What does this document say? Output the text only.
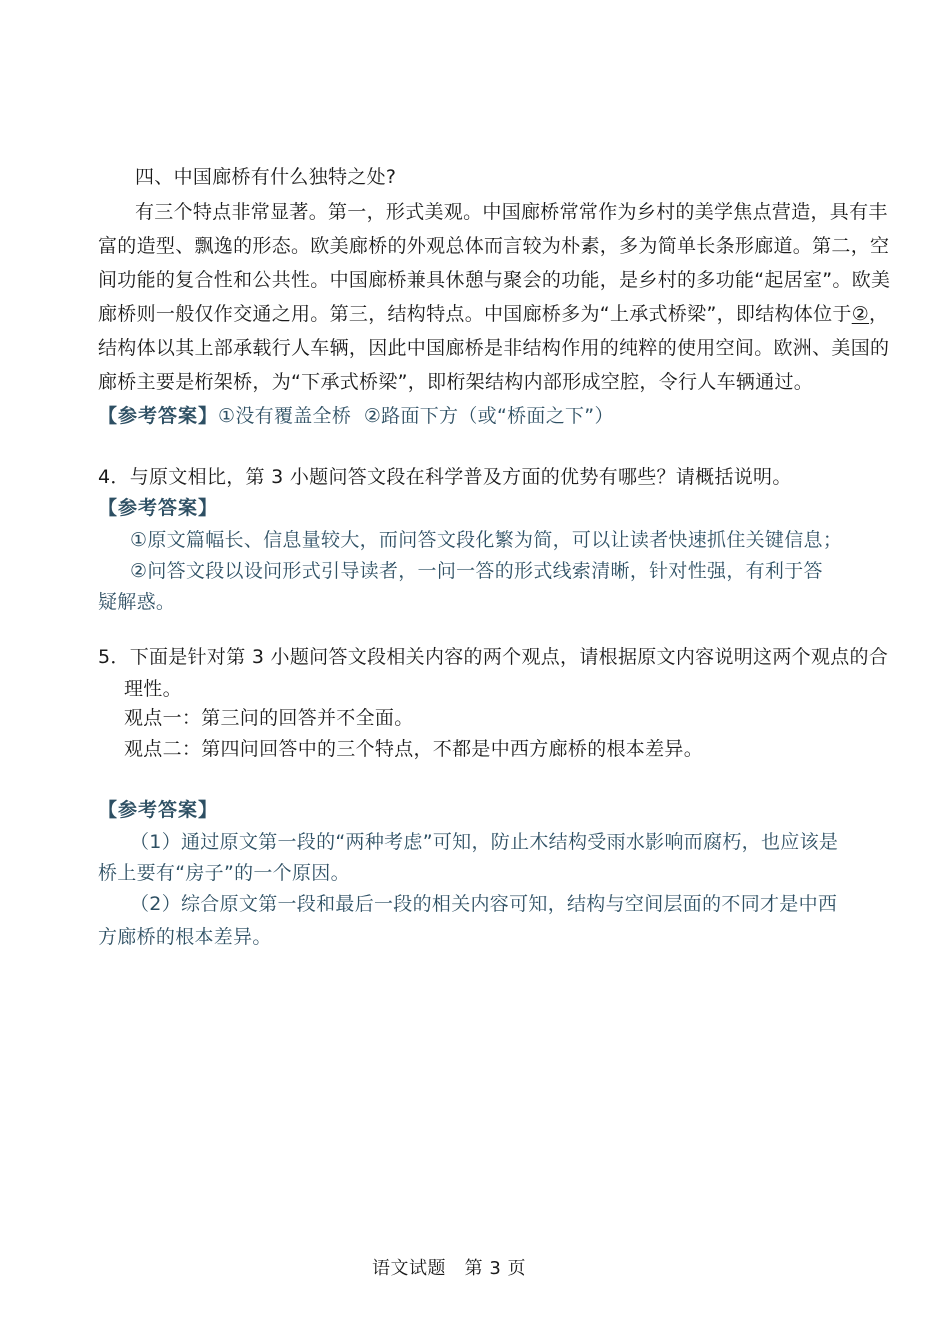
四、中国廊桥有什么独特之处?
有三个特点非常显著。第一，形式美观。中国廊桥常常作为乡村的美学焦点营造，具有丰
富的造型、飘逸的形态。欧美廊桥的外观总体而言较为朴素，多为简单长条形廊道。第二，空
间功能的复合性和公共性。中国廊桥兼具休憩与聚会的功能，是乡村的多功能“起居室”。欧美
廊桥则一般仅作交通之用。第三，结构特点。中国廊桥多为“上承式桥梁”，即结构体位于②，
结构体以其上部承载行人车辆，因此中国廊桥是非结构作用的纯粹的使用空间。欧洲、美国的
廊桥主要是桁架桥，为“下承式桥梁”，即桁架结构内部形成空腔，令行人车辆通过。
【参考答案】①没有覆盖全桥  ②路面下方（或“桥面之下”）
4．与原文相比，第 3 小题问答文段在科学普及方面的优势有哪些？请概括说明。
【参考答案】
①原文篇幅长、信息量较大，而问答文段化繁为简，可以让读者快速抓住关键信息；
②问答文段以设问形式引导读者，一问一答的形式线索清晰，针对性强，有利于答
疑解惑。
5．下面是针对第 3 小题问答文段相关内容的两个观点，请根据原文内容说明这两个观点的合
理性。
观点一：第三问的回答并不全面。
观点二：第四问回答中的三个特点，不都是中西方廊桥的根本差异。
【参考答案】
（1）通过原文第一段的“两种考虑”可知，防止木结构受雨水影响而腐朽，也应该是
桥上要有“房子”的一个原因。
（2）综合原文第一段和最后一段的相关内容可知，结构与空间层面的不同才是中西
方廊桥的根本差异。
语文试题   第 3 页
